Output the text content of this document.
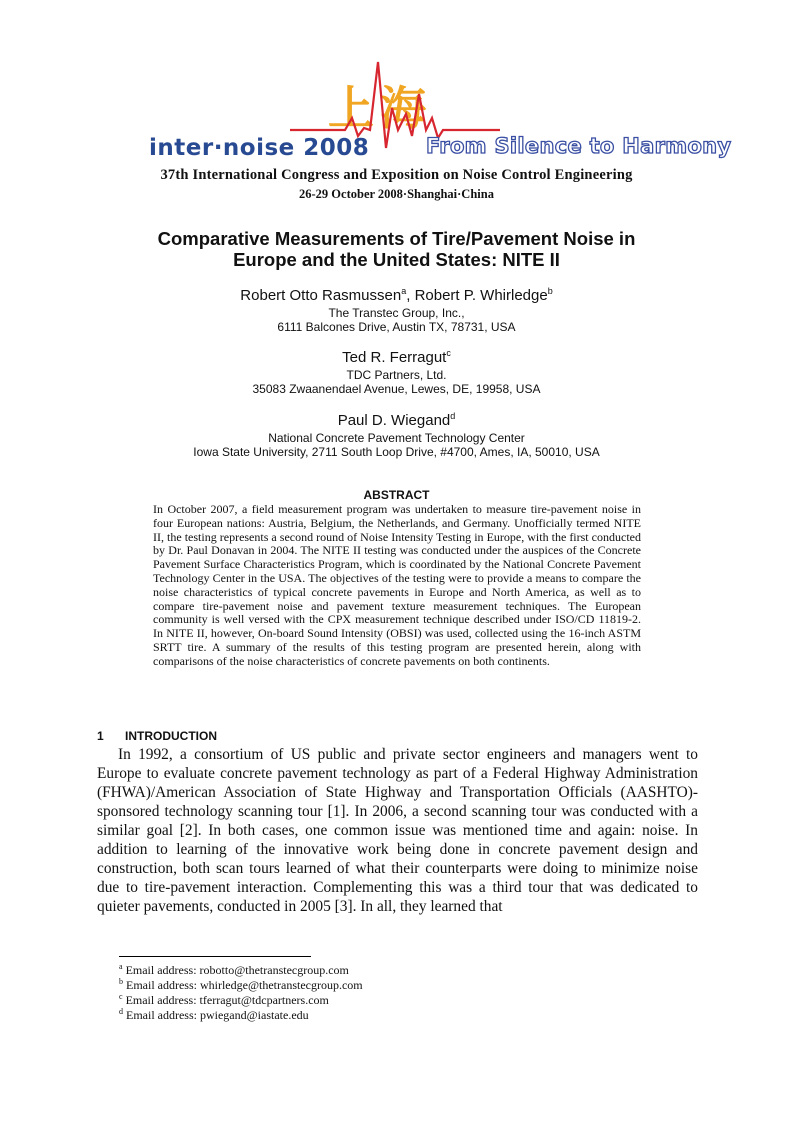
上海
inter·noise 2008	From Silence to Harmony
37th International Congress and Exposition on Noise Control Engineering
26-29 October 2008·Shanghai·China
Comparative Measurements of Tire/Pavement Noise in
Europe and the United States: NITE II
Robert Otto Rasmussen$^a$, Robert P. Whirledge$^b$
The Transtec Group, Inc.,
6111 Balcones Drive, Austin TX, 78731, USA
Ted R. Ferragut$^c$
TDC Partners, Ltd.
35083 Zwaanendael Avenue, Lewes, DE, 19958, USA
Paul D. Wiegand$^d$
National Concrete Pavement Technology Center
Iowa State University, 2711 South Loop Drive, #4700, Ames, IA, 50010, USA
ABSTRACT

In October 2007, a field measurement program was undertaken to measure tire-pavement noise in four European nations: Austria, Belgium, the Netherlands, and Germany. Unofficially termed NITE II, the testing represents a second round of Noise Intensity Testing in Europe, with the first conducted by Dr. Paul Donavan in 2004. The NITE II testing was conducted under the auspices of the Concrete Pavement Surface Characteristics Program, which is coordinated by the National Concrete Pavement Technology Center in the USA. The objectives of the testing were to provide a means to compare the noise characteristics of typical concrete pavements in Europe and North America, as well as to compare tire-pavement noise and pavement texture measurement techniques. The European community is well versed with the CPX measurement technique described under ISO/CD 11819-2. In NITE II, however, On-board Sound Intensity (OBSI) was used, collected using the 16-inch ASTM SRTT tire. A summary of the results of this testing program are presented herein, along with comparisons of the noise characteristics of concrete pavements on both continents.

1 INTRODUCTION

In 1992, a consortium of US public and private sector engineers and managers went to Europe to evaluate concrete pavement technology as part of a Federal Highway Administration (FHWA)/American Association of State Highway and Transportation Officials (AASHTO)-sponsored technology scanning tour [1]. In 2006, a second scanning tour was conducted with a similar goal [2]. In both cases, one common issue was mentioned time and again: noise. In addition to learning of the innovative work being done in concrete pavement design and construction, both scan tours learned of what their counterparts were doing to minimize noise due to tire-pavement interaction. Complementing this was a third tour that was dedicated to quieter pavements, conducted in 2005 [3]. In all, they learned that

$^a$ Email address: robotto@thetranstecgroup.com
$^b$ Email address: whirledge@thetranstecgroup.com
$^c$ Email address: tferragut@tdcpartners.com
$^d$ Email address: pwiegand@iastate.edu
